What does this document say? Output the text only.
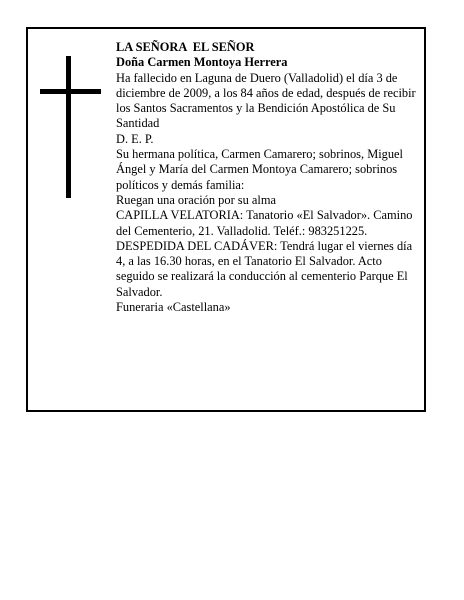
LA SEÑORA  EL SEÑOR

Doña Carmen Montoya Herrera

Ha fallecido en Laguna de Duero (Valladolid) el día 3 de diciembre de 2009, a los 84 años de edad, después de recibir los Santos Sacramentos y la Bendición Apostólica de Su Santidad

D. E. P.

Su hermana política, Carmen Camarero; sobrinos, Miguel Ángel y María del Carmen Montoya Camarero; sobrinos políticos y demás familia:

Ruegan una oración por su alma

CAPILLA VELATORIA: Tanatorio «El Salvador». Camino del Cementerio, 21. Valladolid. Teléf.: 983251225.

DESPEDIDA DEL CADÁVER: Tendrá lugar el viernes día 4, a las 16.30 horas, en el Tanatorio El Salvador. Acto seguido se realizará la conducción al cementerio Parque El Salvador.

Funeraria «Castellana»
